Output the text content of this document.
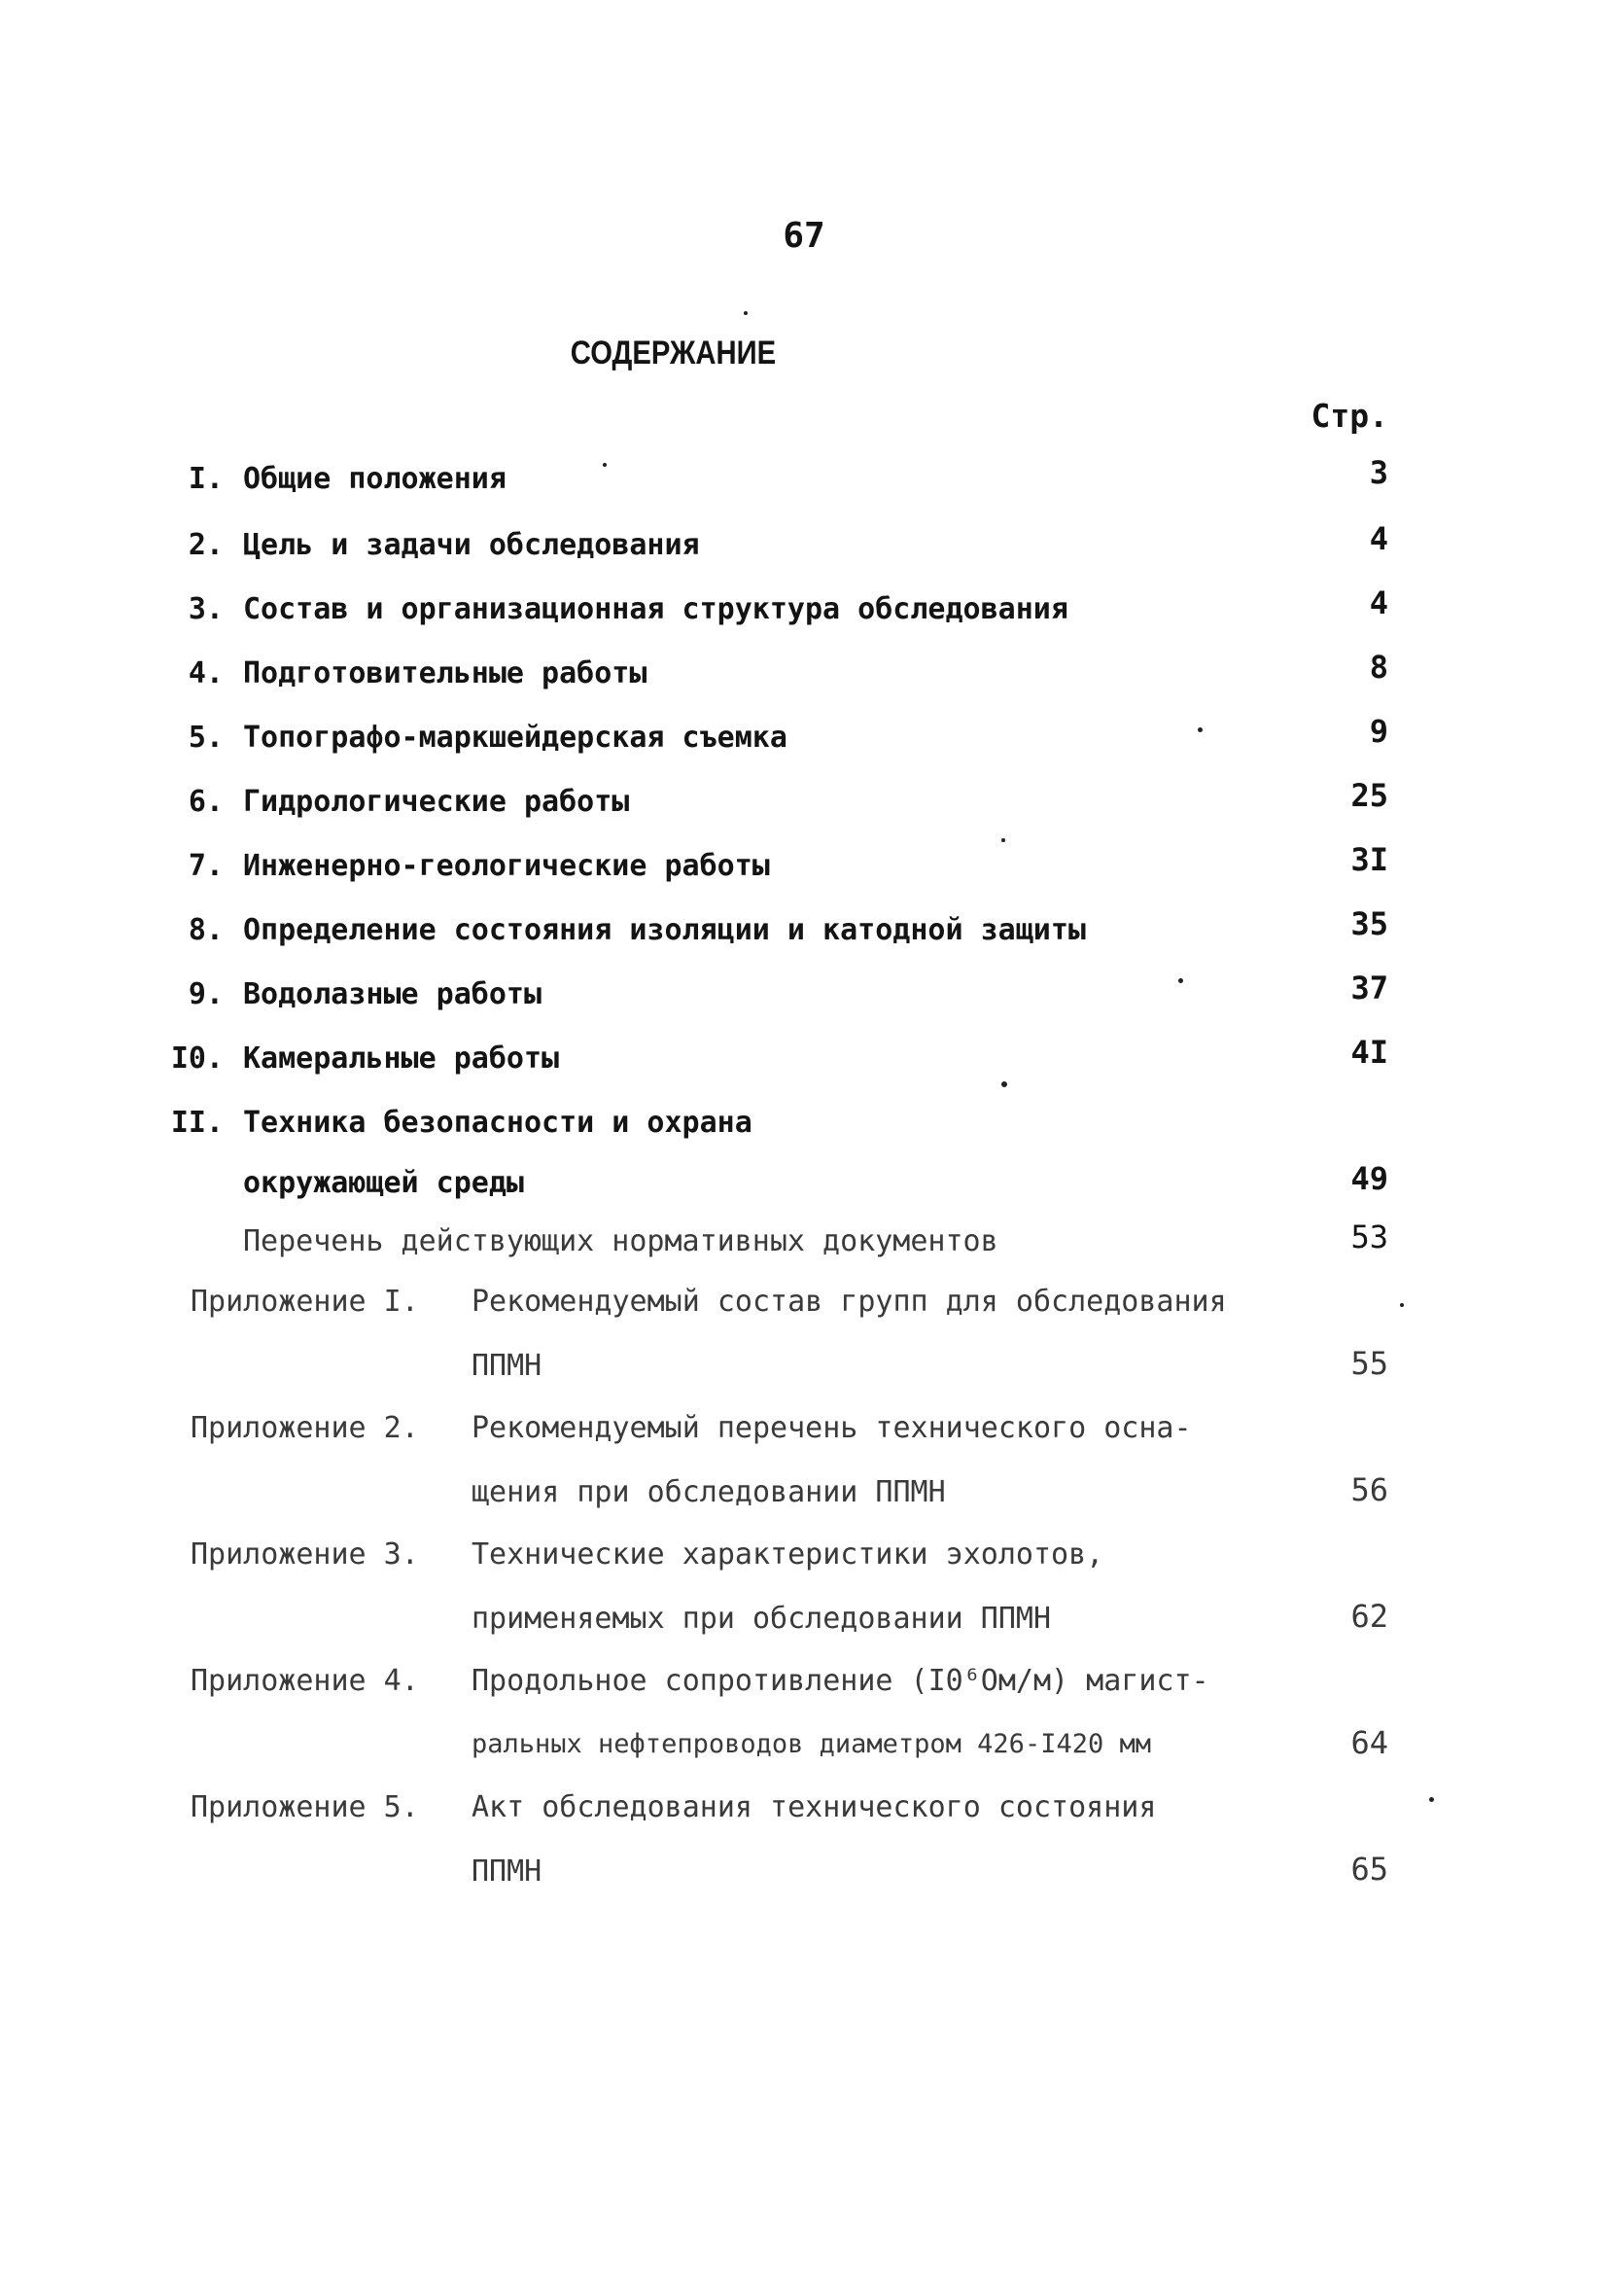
67
СОДЕРЖАНИЕ
Стр.
I. Общие положения	3
2. Цель и задачи обследования	4
3. Состав и организационная структура обследования	4
4. Подготовительные работы	8
5. Топографо-маркшейдерская съемка	9
6. Гидрологические работы	25
7. Инженерно-геологические работы	3I
8. Определение состояния изоляции и катодной защиты	35
9. Водолазные работы	37
I0. Камеральные работы	4I
II. Техника безопасности и охрана
окружающей среды	49
Перечень действующих нормативных документов	53
Приложение I. Рекомендуемый состав групп для обследования
ППМН	55
Приложение 2. Рекомендуемый перечень технического осна-
щения при обследовании ППМН	56
Приложение 3. Технические характеристики эхолотов,
применяемых при обследовании ППМН	62
Приложение 4. Продольное сопротивление (I0⁶Ом/м) магист-
ральных нефтепроводов диаметром 426-I420 мм	64
Приложение 5. Акт обследования технического состояния
ППМН	65
